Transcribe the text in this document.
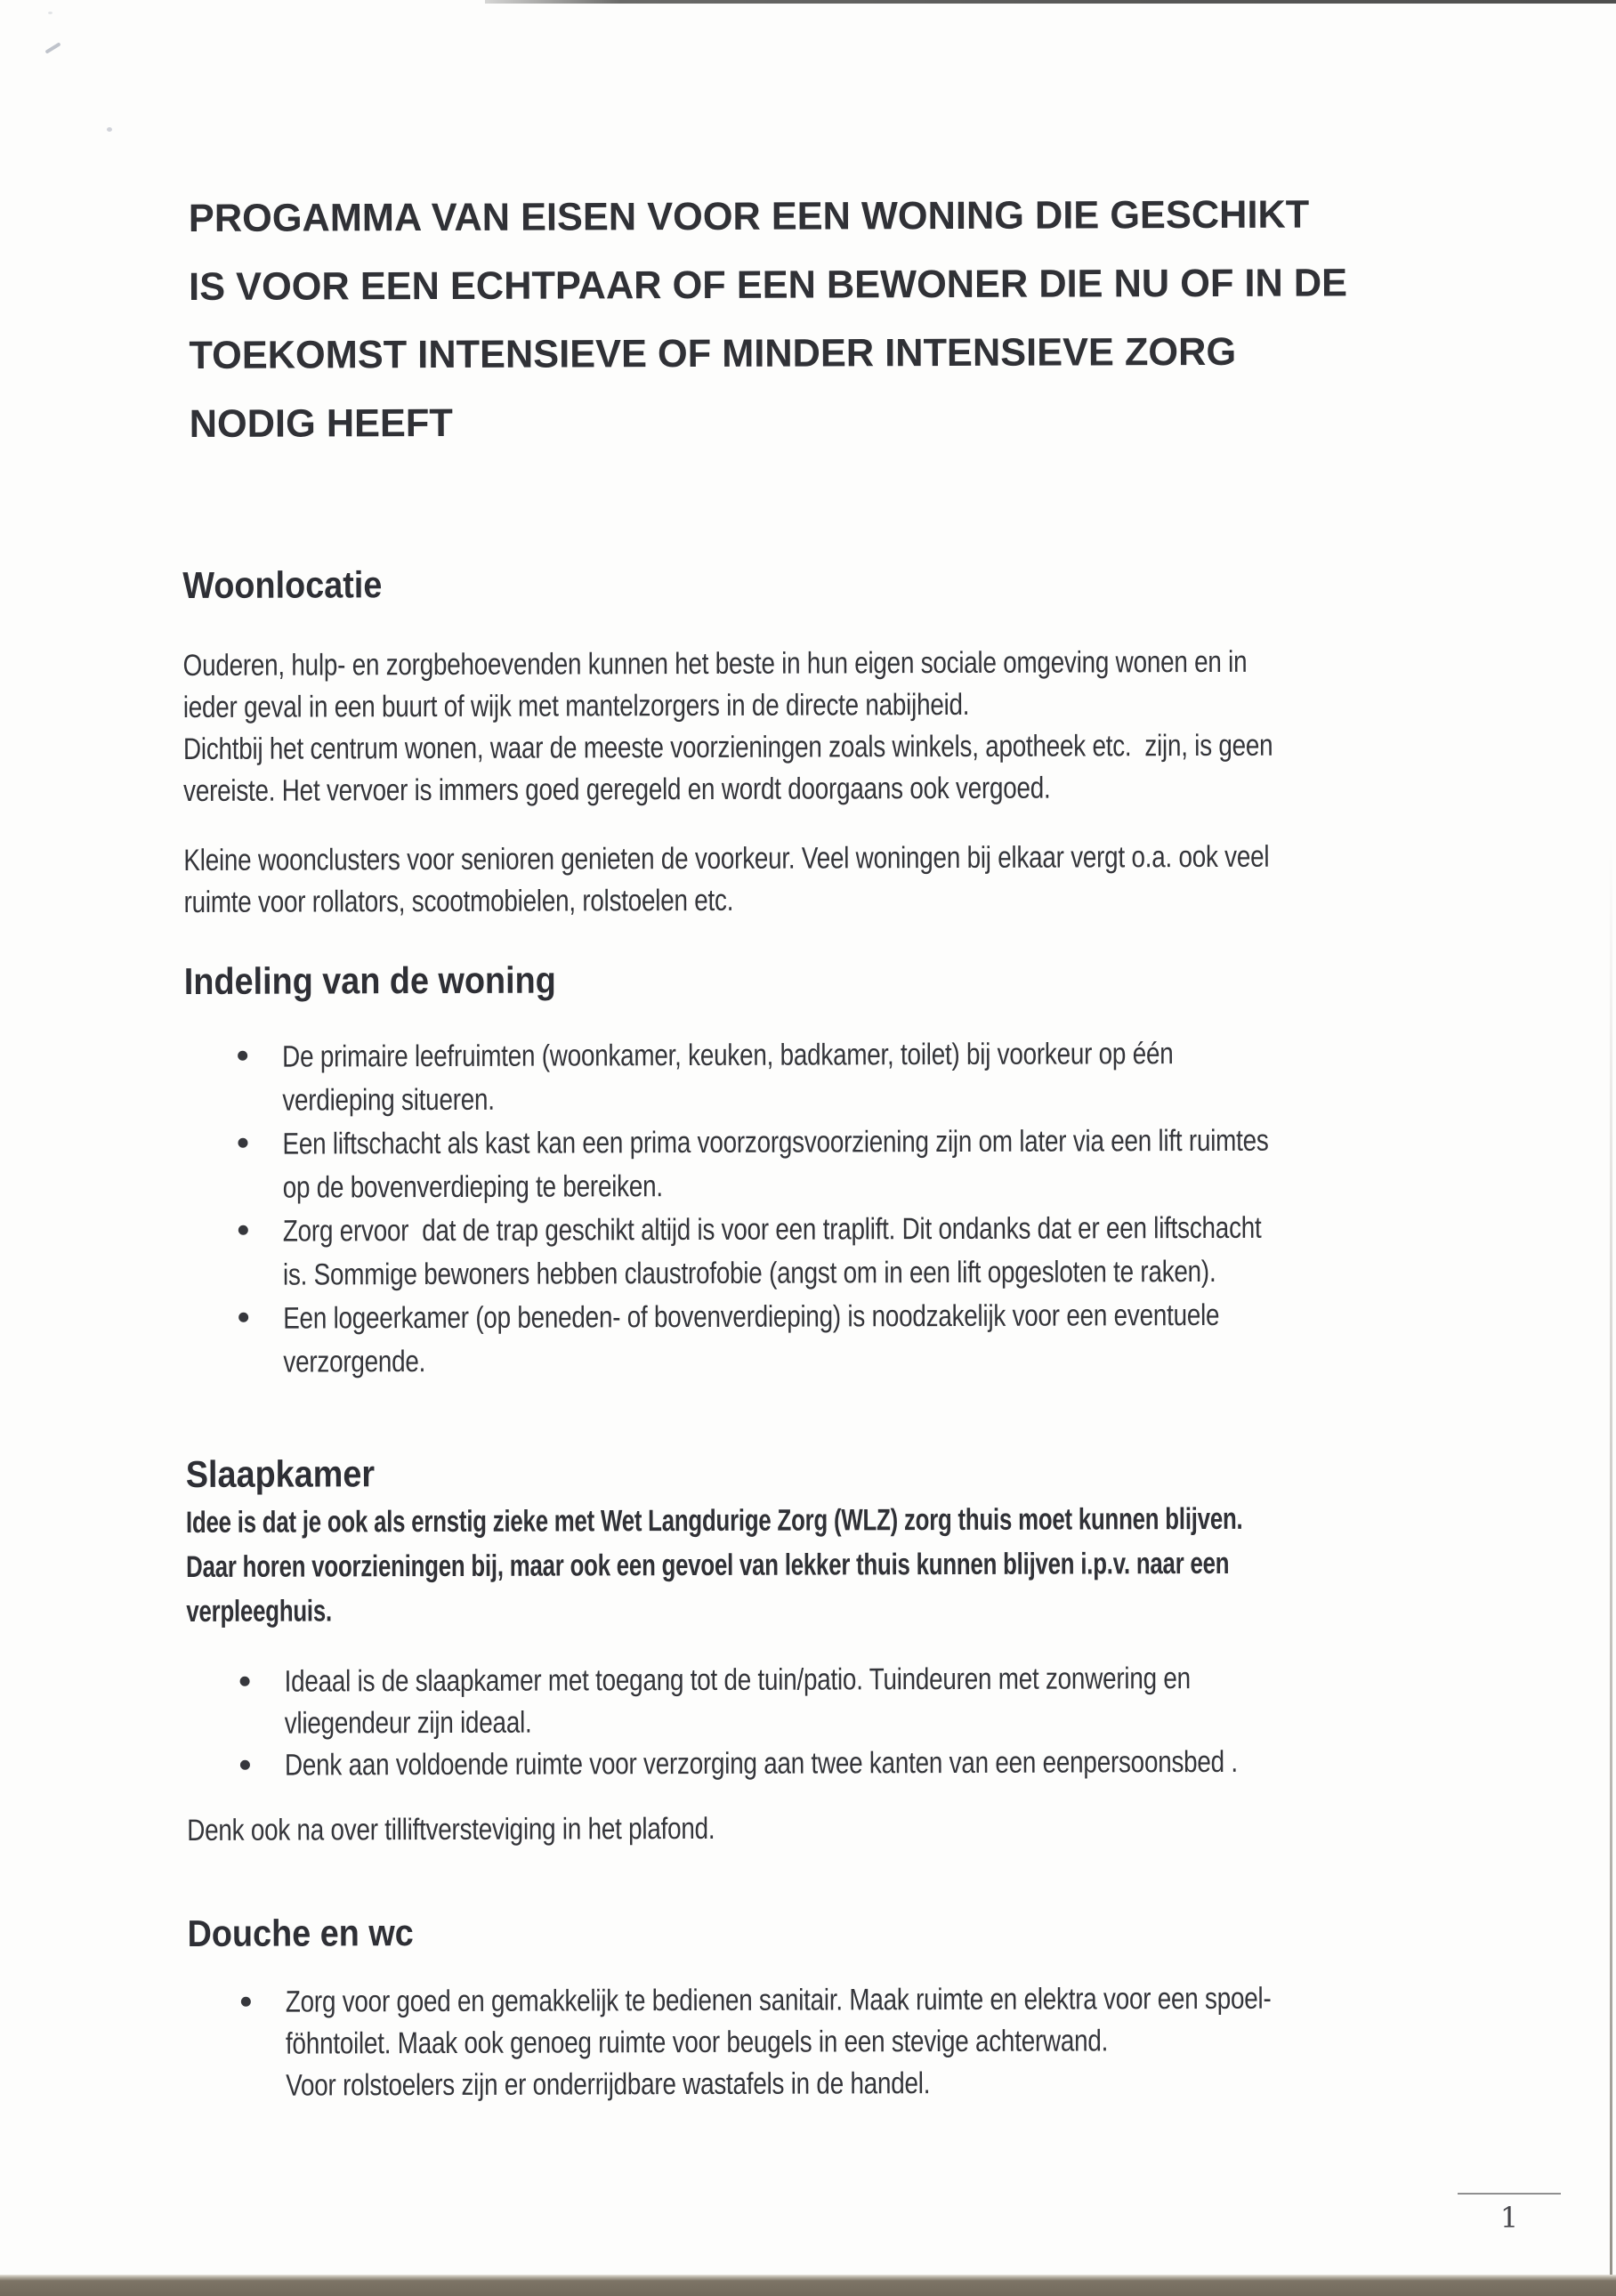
PROGAMMA VAN EISEN VOOR EEN WONING DIE GESCHIKT
IS VOOR EEN ECHTPAAR OF EEN BEWONER DIE NU OF IN DE
TOEKOMST INTENSIEVE OF MINDER INTENSIEVE ZORG
NODIG HEEFT
Woonlocatie
Ouderen, hulp- en zorgbehoevenden kunnen het beste in hun eigen sociale omgeving wonen en in
ieder geval in een buurt of wijk met mantelzorgers in de directe nabijheid.
Dichtbij het centrum wonen, waar de meeste voorzieningen zoals winkels, apotheek etc.  zijn, is geen
vereiste. Het vervoer is immers goed geregeld en wordt doorgaans ook vergoed.
Kleine woonclusters voor senioren genieten de voorkeur. Veel woningen bij elkaar vergt o.a. ook veel
ruimte voor rollators, scootmobielen, rolstoelen etc.
Indeling van de woning
De primaire leefruimten (woonkamer, keuken, badkamer, toilet) bij voorkeur op één
verdieping situeren.
Een liftschacht als kast kan een prima voorzorgsvoorziening zijn om later via een lift ruimtes
op de bovenverdieping te bereiken.
Zorg ervoor  dat de trap geschikt altijd is voor een traplift. Dit ondanks dat er een liftschacht
is. Sommige bewoners hebben claustrofobie (angst om in een lift opgesloten te raken).
Een logeerkamer (op beneden- of bovenverdieping) is noodzakelijk voor een eventuele
verzorgende.
Slaapkamer
Idee is dat je ook als ernstig zieke met Wet Langdurige Zorg (WLZ) zorg thuis moet kunnen blijven.
Daar horen voorzieningen bij, maar ook een gevoel van lekker thuis kunnen blijven i.p.v. naar een
verpleeghuis.
Ideaal is de slaapkamer met toegang tot de tuin/patio. Tuindeuren met zonwering en
vliegendeur zijn ideaal.
Denk aan voldoende ruimte voor verzorging aan twee kanten van een eenpersoonsbed .
Denk ook na over tilliftversteviging in het plafond.
Douche en wc
Zorg voor goed en gemakkelijk te bedienen sanitair. Maak ruimte en elektra voor een spoel-
föhntoilet. Maak ook genoeg ruimte voor beugels in een stevige achterwand.
Voor rolstoelers zijn er onderrijdbare wastafels in de handel.
1
